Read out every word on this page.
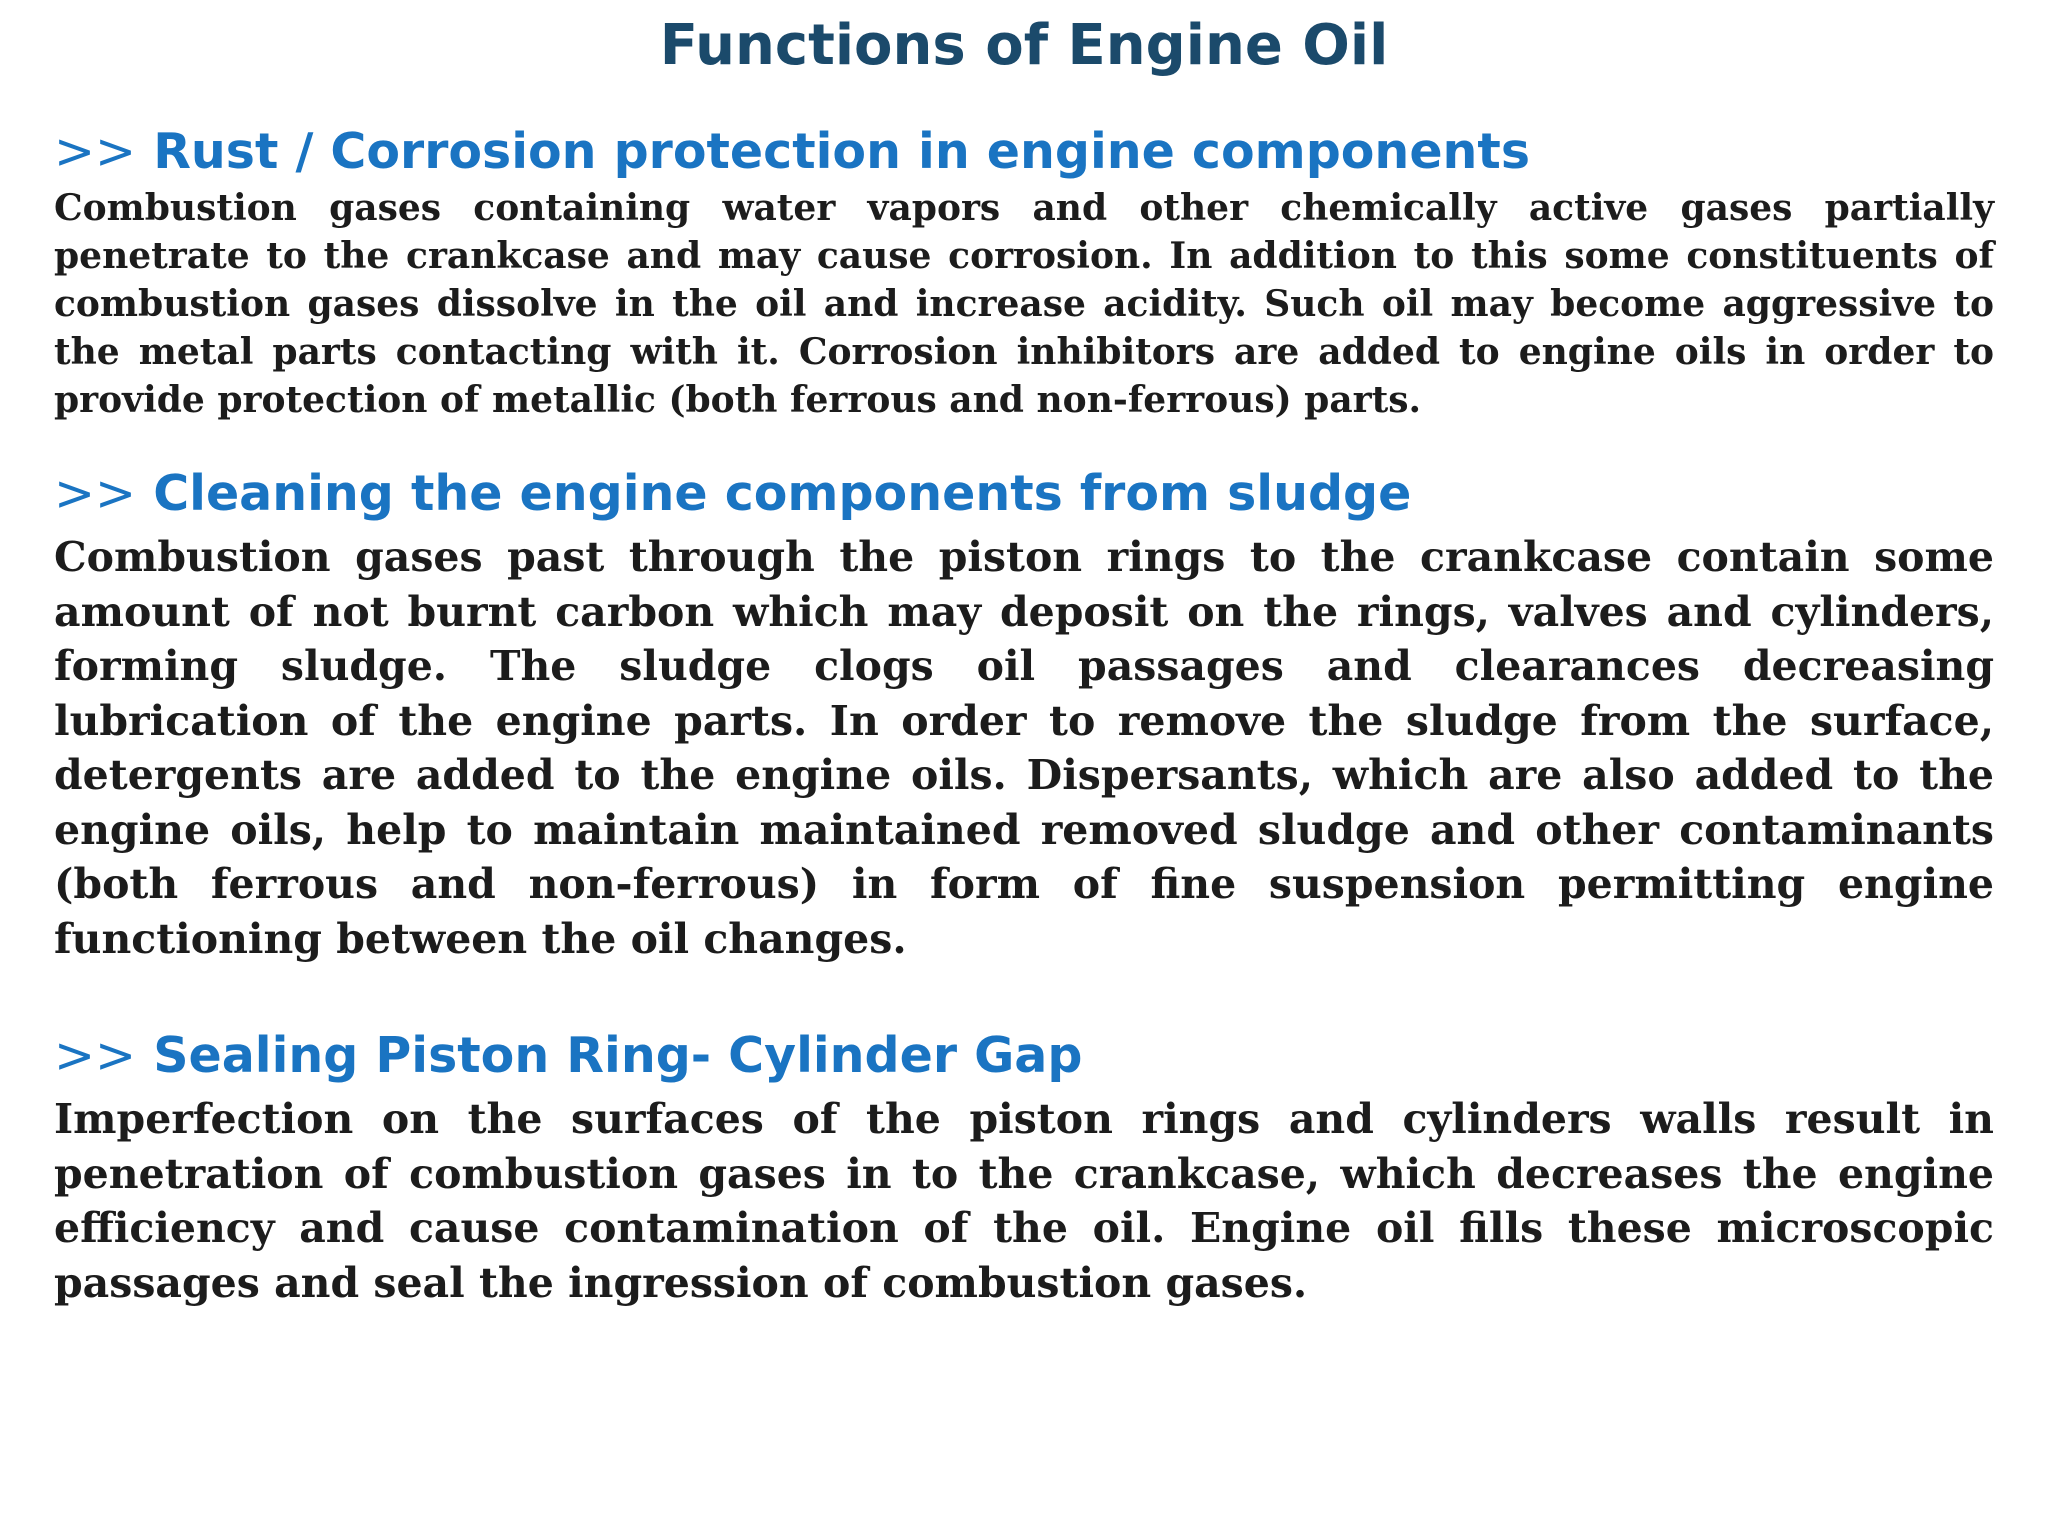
Functions of Engine Oil
>> Rust / Corrosion protection in engine components

Combustion gases containing water vapors and other chemically active gases partially penetrate to the crankcase and may cause corrosion. In addition to this some constituents of combustion gases dissolve in the oil and increase acidity. Such oil may become aggressive to the metal parts contacting with it. Corrosion inhibitors are added to engine oils in order to provide protection of metallic (both ferrous and non-ferrous) parts.

>> Cleaning the engine components from sludge

Combustion gases past through the piston rings to the crankcase contain some amount of not burnt carbon which may deposit on the rings, valves and cylinders, forming sludge. The sludge clogs oil passages and clearances decreasing lubrication of the engine parts. In order to remove the sludge from the surface, detergents are added to the engine oils. Dispersants, which are also added to the engine oils, help to maintain maintained removed sludge and other contaminants (both ferrous and non-ferrous) in form of fine suspension permitting engine functioning between the oil changes.

>> Sealing Piston Ring- Cylinder Gap

Imperfection on the surfaces of the piston rings and cylinders walls result in penetration of combustion gases in to the crankcase, which decreases the engine efficiency and cause contamination of the oil. Engine oil fills these microscopic passages and seal the ingression of combustion gases.
